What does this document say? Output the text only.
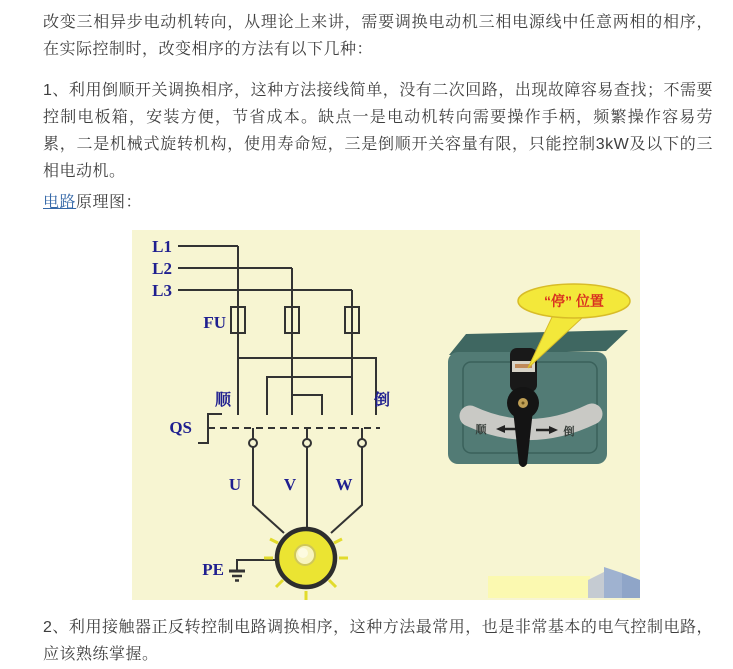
改变三相异步电动机转向，从理论上来讲，需要调换电动机三相电源线中任意两相的相序，在实际控制时，改变相序的方法有以下几种：

1、利用倒顺开关调换相序，这种方法接线简单，没有二次回路，出现故障容易查找；不需要控制电板箱，安装方便，节省成本。缺点一是电动机转向需要操作手柄，频繁操作容易劳累，二是机械式旋转机构，使用寿命短，三是倒顺开关容量有限，只能控制3kW及以下的三相电动机。

电路原理图：

L1
L2
L3
FU
顺	倒
QS
U	V W
PE
顺	倒
“停” 位置

2、利用接触器正反转控制电路调换相序，这种方法最常用，也是非常基本的电气控制电路，应该熟练掌握。
